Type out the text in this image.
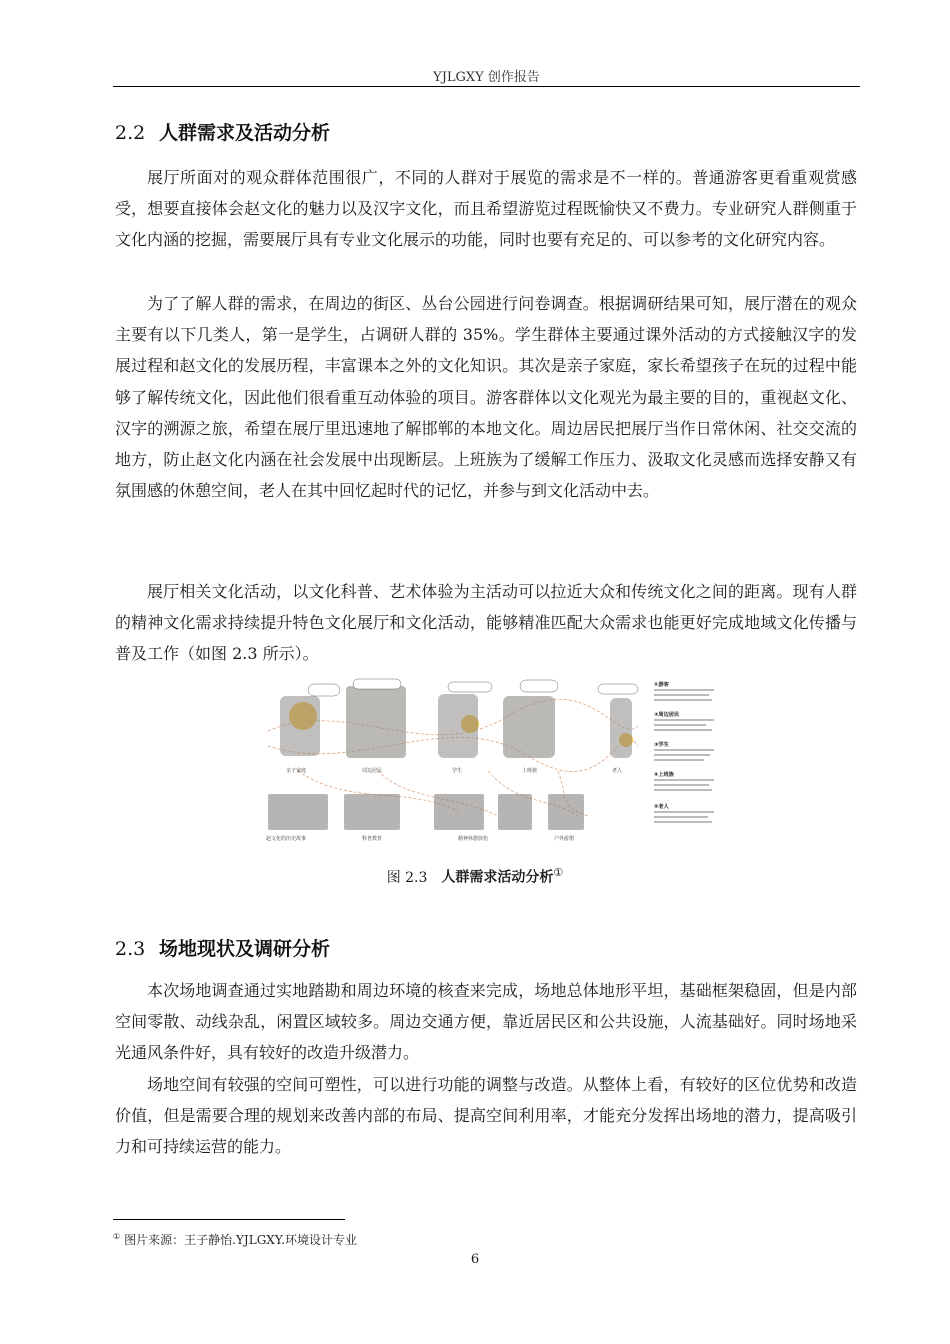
YJLGXY 创作报告
2.2 人群需求及活动分析

展厅所面对的观众群体范围很广，不同的人群对于展览的需求是不一样的。普通游客更看重观赏感受，想要直接体会赵文化的魅力以及汉字文化，而且希望游览过程既愉快又不费力。专业研究人群侧重于文化内涵的挖掘，需要展厅具有专业文化展示的功能，同时也要有充足的、可以参考的文化研究内容。

为了了解人群的需求，在周边的街区、丛台公园进行问卷调查。根据调研结果可知，展厅潜在的观众主要有以下几类人，第一是学生，占调研人群的 35%。学生群体主要通过课外活动的方式接触汉字的发展过程和赵文化的发展历程，丰富课本之外的文化知识。其次是亲子家庭，家长希望孩子在玩的过程中能够了解传统文化，因此他们很看重互动体验的项目。游客群体以文化观光为最主要的目的，重视赵文化、汉字的溯源之旅，希望在展厅里迅速地了解邯郸的本地文化。周边居民把展厅当作日常休闲、社交交流的地方，防止赵文化内涵在社会发展中出现断层。上班族为了缓解工作压力、汲取文化灵感而选择安静又有氛围感的休憩空间，老人在其中回忆起时代的记忆，并参与到文化活动中去。

展厅相关文化活动，以文化科普、艺术体验为主活动可以拉近大众和传统文化之间的距离。现有人群的精神文化需求持续提升特色文化展厅和文化活动，能够精准匹配大众需求也能更好完成地域文化传播与普及工作（如图 2.3 所示）。

亲子家庭	周边居民	学生	上班族	老人
赵文化的历史故事	科普教育	精神休憩放松	户外游憩
①游客
②周边居民
③学生
④上班族
⑤老人
图 2.3 人群需求活动分析①
2.3 场地现状及调研分析

本次场地调查通过实地踏勘和周边环境的核查来完成，场地总体地形平坦，基础框架稳固，但是内部空间零散、动线杂乱，闲置区域较多。周边交通方便，靠近居民区和公共设施，人流基础好。同时场地采光通风条件好，具有较好的改造升级潜力。

场地空间有较强的空间可塑性，可以进行功能的调整与改造。从整体上看，有较好的区位优势和改造价值，但是需要合理的规划来改善内部的布局、提高空间利用率，才能充分发挥出场地的潜力，提高吸引力和可持续运营的能力。

① 图片来源：王子静怡.YJLGXY.环境设计专业
6
